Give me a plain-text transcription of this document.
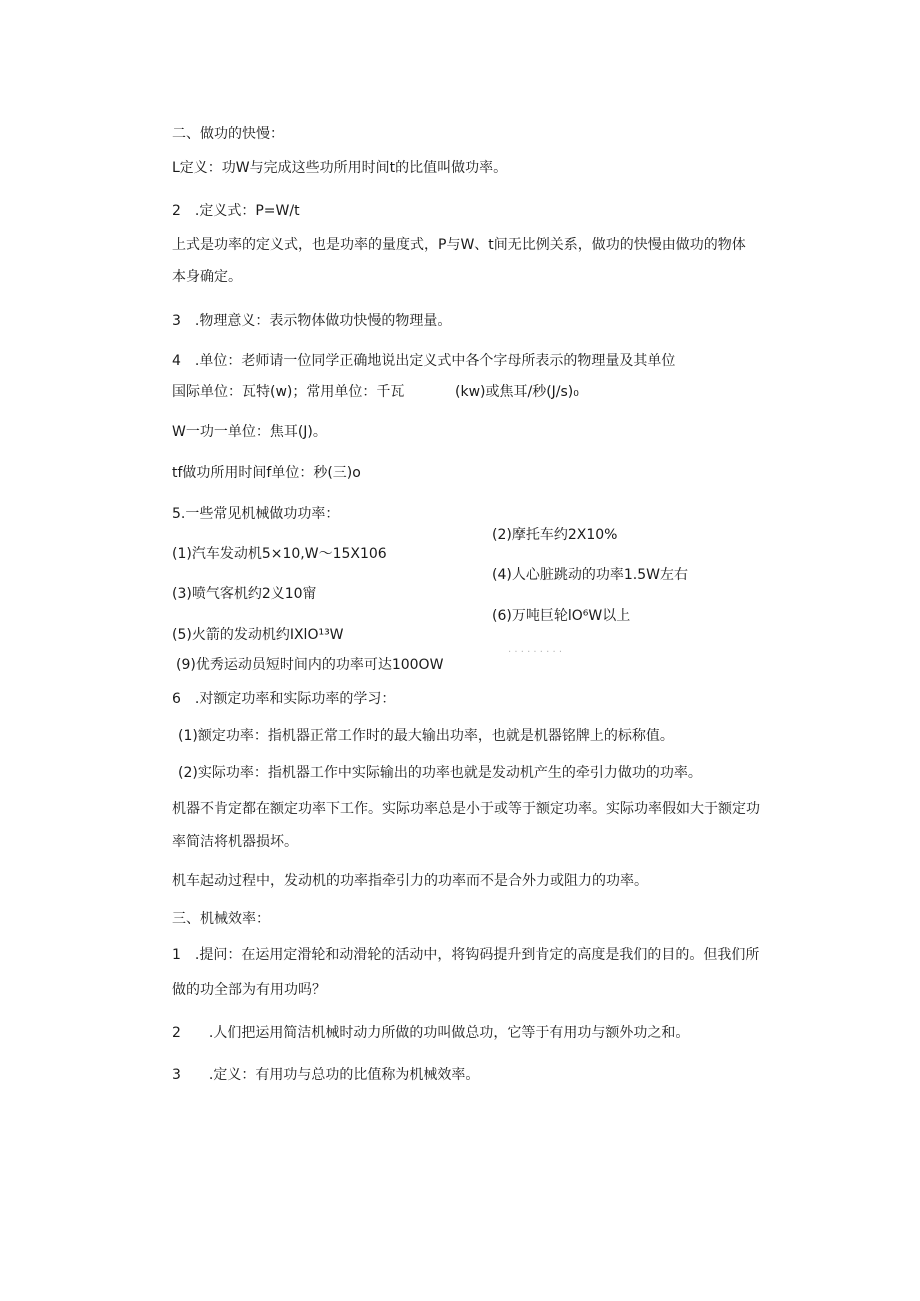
二、做功的快慢：
L定义：功W与完成这些功所用时间t的比值叫做功率。
2　.定义式：P=W/t
上式是功率的定义式，也是功率的量度式，P与W、t间无比例关系，做功的快慢由做功的物体
本身确定。
3　.物理意义：表示物体做功快慢的物理量。
4　.单位：老师请一位同学正确地说出定义式中各个字母所表示的物理量及其单位
国际单位：瓦特(w)；常用单位：千瓦	(kw)或焦耳/秒(J/s)₀
W一功一单位：焦耳(J)。
tf做功所用时间f单位：秒(三)o
5.一些常见机械做功功率：
(2)摩托车约2X10%
(1)汽车发动机5×10,W〜15X106
(4)人心脏跳动的功率1.5W左右
(3)喷气客机约2义10甯
(6)万吨巨轮lO⁶W以上
(5)火箭的发动机约IXlO¹³W
· · · · · · · · ·
(9)优秀运动员短时间内的功率可达100OW
6　.对额定功率和实际功率的学习：
(1)额定功率：指机器正常工作时的最大输出功率，也就是机器铭牌上的标称值。
(2)实际功率：指机器工作中实际输出的功率也就是发动机产生的牵引力做功的功率。
机器不肯定都在额定功率下工作。实际功率总是小于或等于额定功率。实际功率假如大于额定功
率简洁将机器损坏。
机车起动过程中，发动机的功率指牵引力的功率而不是合外力或阻力的功率。
三、机械效率：
1　.提问：在运用定滑轮和动滑轮的活动中，将钩码提升到肯定的高度是我们的目的。但我们所
做的功全部为有用功吗？
2　　.人们把运用简洁机械时动力所做的功叫做总功，它等于有用功与额外功之和。
3　　.定义：有用功与总功的比值称为机械效率。
